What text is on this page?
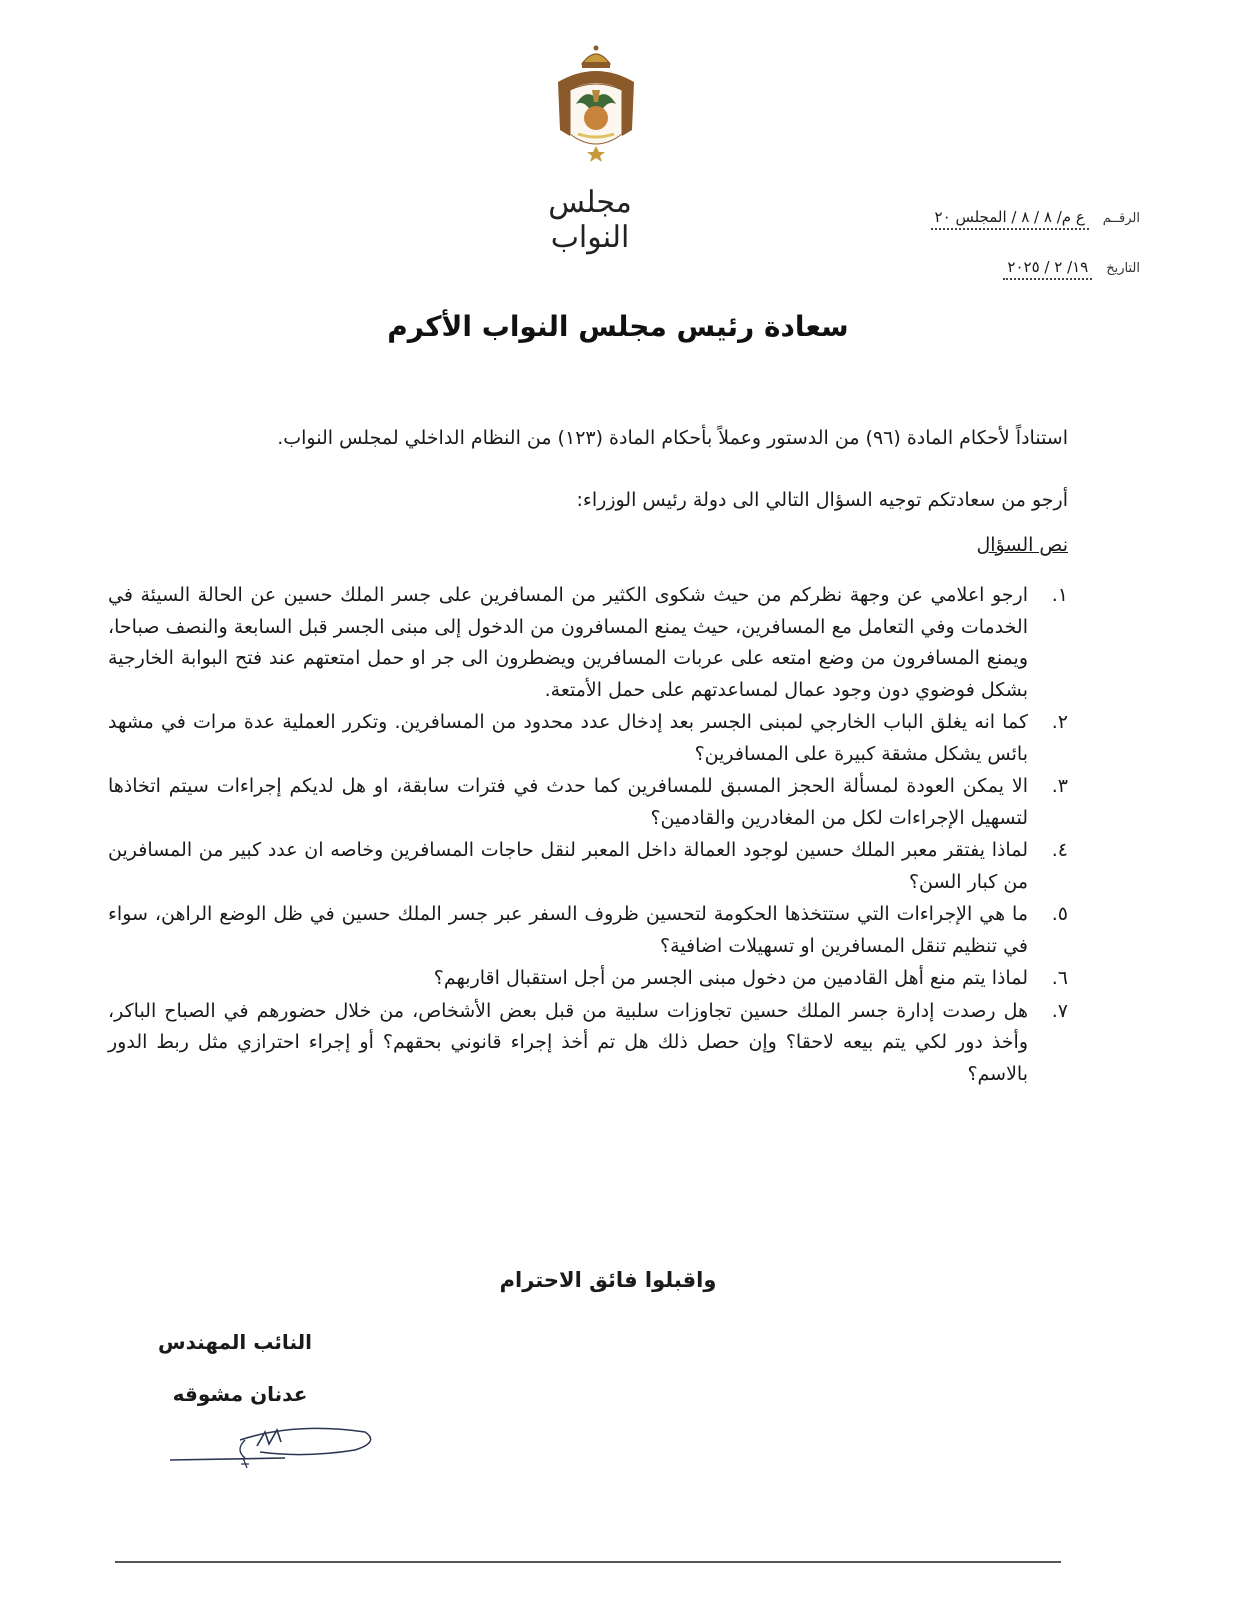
مجلس النواب
الرقــم
ع م/ ٨ / ٨ / المجلس ٢٠
التاريخ
١٩/ ٢ / ٢٠٢٥
سعادة رئيس مجلس النواب الأكرم
استناداً لأحكام المادة (٩٦) من الدستور وعملاً بأحكام المادة (١٢٣) من النظام الداخلي لمجلس النواب.
أرجو من سعادتكم توجيه السؤال التالي الى دولة رئيس الوزراء:
نص السؤال
١.
ارجو اعلامي عن وجهة نظركم من حيث شكوى الكثير من المسافرين على جسر الملك حسين عن الحالة السيئة في الخدمات وفي التعامل مع المسافرين، حيث يمنع المسافرون من الدخول إلى مبنى الجسر قبل السابعة والنصف صباحا، ويمنع المسافرون من وضع امتعه على عربات المسافرين ويضطرون الى جر او حمل امتعتهم عند فتح البوابة الخارجية بشكل فوضوي دون وجود عمال لمساعدتهم على حمل الأمتعة.
٢.
كما انه يغلق الباب الخارجي لمبنى الجسر بعد إدخال عدد محدود من المسافرين. وتكرر العملية عدة مرات في مشهد بائس يشكل مشقة كبيرة على المسافرين؟
٣.
الا يمكن العودة لمسألة الحجز المسبق للمسافرين كما حدث في فترات سابقة، او هل لديكم إجراءات سيتم اتخاذها لتسهيل الإجراءات لكل من المغادرين والقادمين؟
٤.
لماذا يفتقر معبر الملك حسين لوجود العمالة داخل المعبر لنقل حاجات المسافرين وخاصه ان عدد كبير من المسافرين من كبار السن؟
٥.
ما هي الإجراءات التي ستتخذها الحكومة لتحسين ظروف السفر عبر جسر الملك حسين في ظل الوضع الراهن، سواء في تنظيم تنقل المسافرين او تسهيلات اضافية؟
٦.
لماذا يتم منع أهل القادمين من دخول مبنى الجسر من أجل استقبال اقاربهم؟
٧.
هل رصدت إدارة جسر الملك حسين تجاوزات سلبية من قبل بعض الأشخاص، من خلال حضورهم في الصباح الباكر، وأخذ دور لكي يتم بيعه لاحقا؟ وإن حصل ذلك هل تم أخذ إجراء قانوني بحقهم؟ أو إجراء احترازي مثل ربط الدور بالاسم؟
واقبلوا فائق الاحترام
النائب المهندس
عدنان مشوقه
